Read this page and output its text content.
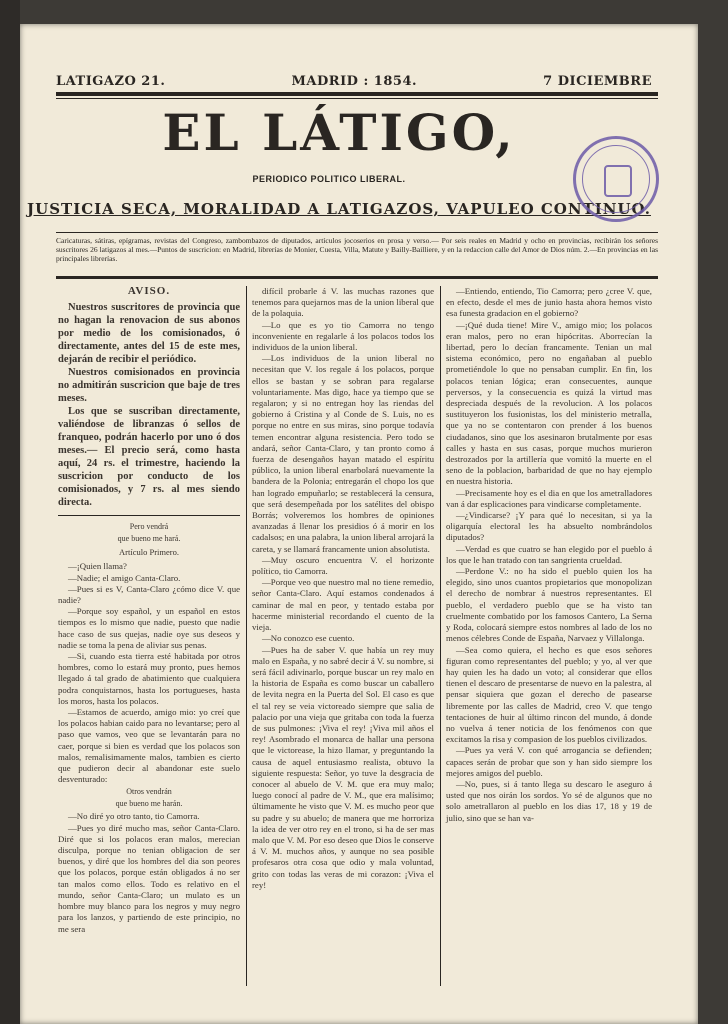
LATIGAZO 21.	MADRID : 1854.	7 DICIEMBRE
EL LÁTIGO,
PERIODICO POLITICO LIBERAL.
JUSTICIA SECA, MORALIDAD A LATIGAZOS, VAPULEO CONTINUO.
Caricaturas, sátiras, epígramas, revistas del Congreso, zambombazos de diputados, artículos jocoserios en prosa y verso.— Por seis reales en Madrid y ocho en provincias, recibirán los señores suscritores 26 latigazos al mes.—Puntos de suscricion: en Madrid, librerías de Monier, Cuesta, Villa, Matute y Bailly-Bailliere, y en la redaccion calle del Amor de Dios núm. 2.—En provincias en las principales librerías.
AVISO.

Nuestros suscritores de provincia que no hagan la renovacion de sus abonos por medio de los comisionados, ó directamente, antes del 15 de este mes, dejarán de recibir el periódico.

Nuestros comisionados en provincia no admitirán suscricion que baje de tres meses.

Los que se suscriban directamente, valiéndose de libranzas ó sellos de franqueo, podrán hacerlo por uno ó dos meses.— El precio será, como hasta aquí, 24 rs. el trimestre, haciendo la suscricion por conducto de los comisionados, y 7 rs. al mes siendo directa.

Pero vendrá
que bueno me hará.
Artículo Primero.

—¡Quien llama?

—Nadie; el amigo Canta-Claro.

—Pues si es V, Canta-Claro ¿cómo dice V. que nadie?

—Porque soy español, y un español en estos tiempos es lo mismo que nadie, puesto que nadie hace caso de sus quejas, nadie oye sus deseos y nadie se toma la pena de aliviar sus penas.

—Si, cuando esta tierra esté habitada por otros hombres, como lo estará muy pronto, pues hemos llegado á tal grado de abatimiento que cualquiera podra conquistarnos, hasta los portugueses, hasta los moros, hasta los polacos.

—Estamos de acuerdo, amigo mio: yo creí que los polacos habian caido para no levantarse; pero al paso que vamos, veo que se levantarán para no caer, porque si bien es verdad que los polacos son malos, remalisimamente malos, tambien es cierto que pudieron decir al abandonar este suelo desventurado:

Otros vendrán
que bueno me harán.

—No diré yo otro tanto, tio Camorra.

—Pues yo diré mucho mas, señor Canta-Claro. Diré que si los polacos eran malos, merecian disculpa, porque no tenian obligacion de ser buenos, y diré que los hombres del dia son peores que los polacos, porque están obligados á no ser tan malos como ellos. Todo es relativo en el mundo, señor Canta-Claro; un mulato es un hombre muy blanco para los negros y muy negro para los lanzos, y partiendo de este principio, no me sera

difícil probarle á V. las muchas razones que tenemos para quejarnos mas de la union liberal que de la polaquia.

—Lo que es yo tio Camorra no tengo inconveniente en regalarle á los polacos todos los individuos de la union liberal.

—Los individuos de la union liberal no necesitan que V. los regale á los polacos, porque ellos se bastan y se sobran para regalarse voluntariamente. Mas digo, hace ya tiempo que se regalaron; y si no entregan hoy las riendas del gobierno á Cristina y al Conde de S. Luis, no es porque no entre en sus miras, sino porque todavía temen encontrar alguna resistencia. Pero todo se andará, señor Canta-Claro, y tan pronto como á fuerza de desengaños hayan matado el espíritu público, la union liberal enarbolará nuevamente la bandera de la Polonia; entregarán el chopo los que han logrado empuñarlo; se restablecerá la censura, que será desempeñada por los satélites del obispo Borrás; volveremos los hombres de opiniones avanzadas á llenar los presidios ó á morir en los cadalsos; en una palabra, la union liberal arrojará la careta, y se llamará francamente union absolutista.

—Muy oscuro encuentra V. el horizonte político, tio Camorra.

—Porque veo que nuestro mal no tiene remedio, señor Canta-Claro. Aquí estamos condenados á caminar de mal en peor, y tentado estaba por hacerme ministerial recordando el cuento de la vieja.

—No conozco ese cuento.

—Pues ha de saber V. que había un rey muy malo en España, y no sabré decir á V. su nombre, si será fácil adivinarlo, porque buscar un rey malo en la historia de España es como buscar un caballero de levita negra en la Puerta del Sol. El caso es que el tal rey se veia victoreado siempre que salia de palacio por una vieja que gritaba con toda la fuerza de sus pulmones: ¡Viva el rey! ¡Viva mil años el rey! Asombrado el monarca de hallar una persona que le victorease, la hizo llamar, y preguntando la causa de aquel entusiasmo realista, obtuvo la siguiente respuesta: Señor, yo tuve la desgracia de conocer al abuelo de V. M. que era muy malo; luego conocí al padre de V. M., que era malísimo; últimamente he visto que V. M. es mucho peor que su padre y su abuelo; de manera que me horroriza la idea de ver otro rey en el trono, si ha de ser mas malo que V. M. Por eso deseo que Dios le conserve á V. M. muchos años, y aunque no sea posible profesaros otra cosa que odio y mala voluntad, grito con todas las veras de mi corazon: ¡Viva el rey!

—Entiendo, entiendo, Tio Camorra; pero ¿cree V. que, en efecto, desde el mes de junio hasta ahora hemos visto esa funesta gradacion en el gobierno?

—¡Qué duda tiene! Mire V., amigo mio; los polacos eran malos, pero no eran hipócritas. Aborrecían la libertad, pero lo decían francamente. Tenian un mal sistema económico, pero no engañaban al pueblo prometiéndole lo que no pensaban cumplir. En fin, los polacos tenian lógica; eran consecuentes, aunque perversos, y la consecuencia es quizá la virtud mas despreciada después de la revolucion. A los polacos sustituyeron los fusionistas, los del ministerio metralla, que ya no se contentaron con prender á los buenos ciudadanos, sino que los asesinaron brutalmente por esas calles y hasta en sus casas, porque muchos murieron destrozados por la artillería que vomitó la muerte en el seno de la poblacion, barbaridad de que no hay ejemplo en nuestra historia.

—Precisamente hoy es el dia en que los ametralladores van á dar esplicaciones para vindicarse completamente.

—¿Vindicarse? ¡Y para qué lo necesitan, si ya la oligarquía electoral les ha absuelto nombrándolos diputados?

—Verdad es que cuatro se han elegido por el pueblo á los que le han tratado con tan sangrienta crueldad.

—Perdone V.: no ha sido el pueblo quien los ha elegido, sino unos cuantos propietarios que monopolizan el derecho de nombrar á nuestros representantes. El pueblo, el verdadero pueblo que se ha visto tan cruelmente combatido por los famosos Cantero, La Serna y Roda, colocará siempre estos nombres al lado de los no menos célebres Conde de España, Narvaez y Villalonga.

—Sea como quiera, el hecho es que esos señores figuran como representantes del pueblo; y yo, al ver que hay quien les ha dado un voto; al considerar que ellos tienen el descaro de presentarse de nuevo en la palestra, al pensar siquiera que gozan el derecho de pasearse libremente por las calles de Madrid, creo V. que tengo tentaciones de huir al último rincon del mundo, á donde no vuelva á tener noticia de los fenómenos con que excitamos la risa y compasion de los pueblos civilizados.

—Pues ya verá V. con qué arrogancia se defienden; capaces serán de probar que son y han sido siempre los mejores amigos del pueblo.

—No, pues, si á tanto llega su descaro le aseguro á usted que nos oirán los sordos. Yo sé de algunos que no solo ametrallaron al pueblo en los dias 17, 18 y 19 de julio, sino que se han va-
